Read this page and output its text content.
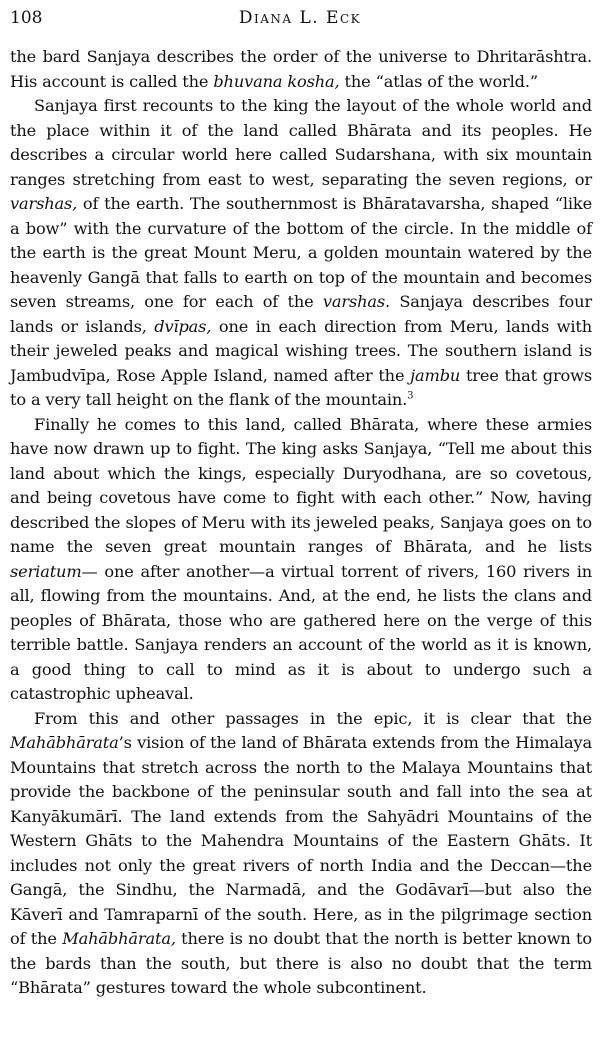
108	Diana L. Eck

the bard Sanjaya describes the order of the universe to Dhritarāshtra. His account is called the bhuvana kosha, the “atlas of the world.”

Sanjaya first recounts to the king the layout of the whole world and the place within it of the land called Bhārata and its peoples. He describes a circular world here called Sudarshana, with six mountain ranges stretching from east to west, separating the seven regions, or varshas, of the earth. The southernmost is Bhāratavarsha, shaped “like a bow” with the curvature of the bottom of the circle. In the middle of the earth is the great Mount Meru, a golden mountain watered by the heavenly Gangā that falls to earth on top of the mountain and becomes seven streams, one for each of the varshas. Sanjaya describes four lands or islands, dvīpas, one in each direction from Meru, lands with their jeweled peaks and magical wishing trees. The southern island is Jambudvīpa, Rose Apple Island, named after the jambu tree that grows to a very tall height on the flank of the mountain.$^3$

Finally he comes to this land, called Bhārata, where these armies have now drawn up to fight. The king asks Sanjaya, “Tell me about this land about which the kings, especially Duryodhana, are so covetous, and being covetous have come to fight with each other.” Now, having described the slopes of Meru with its jeweled peaks, Sanjaya goes on to name the seven great mountain ranges of Bhārata, and he lists seriatum— one after another—a virtual torrent of rivers, 160 rivers in all, flowing from the mountains. And, at the end, he lists the clans and peoples of Bhārata, those who are gathered here on the verge of this terrible battle. Sanjaya renders an account of the world as it is known, a good thing to call to mind as it is about to undergo such a catastrophic upheaval.

From this and other passages in the epic, it is clear that the Mahābhārata’s vision of the land of Bhārata extends from the Himalaya Mountains that stretch across the north to the Malaya Mountains that provide the backbone of the peninsular south and fall into the sea at Kanyākumārī. The land extends from the Sahyādri Mountains of the Western Ghāts to the Mahendra Mountains of the Eastern Ghāts. It includes not only the great rivers of north India and the Deccan—the Gangā, the Sindhu, the Narmadā, and the Godāvarī—but also the Kāverī and Tamraparnī of the south. Here, as in the pilgrimage section of the Mahābhārata, there is no doubt that the north is better known to the bards than the south, but there is also no doubt that the term “Bhārata” gestures toward the whole subcontinent.
